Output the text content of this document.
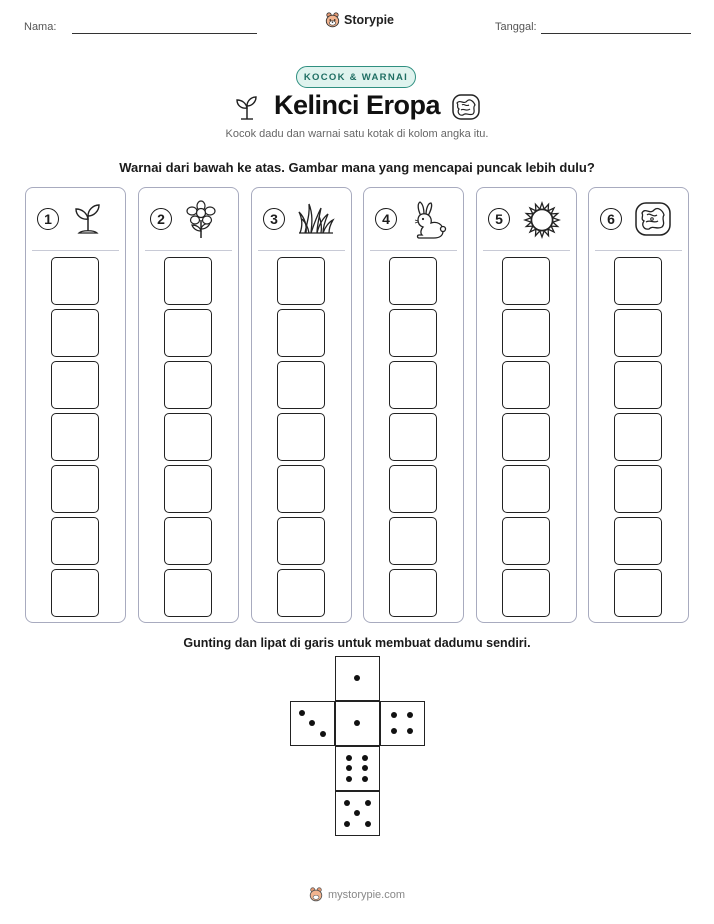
Nama:	Storypie	Tanggal:
KOCOK & WARNAI
Kelinci Eropa
Kocok dadu dan warnai satu kotak di kolom angka itu.
Warnai dari bawah ke atas. Gambar mana yang mencapai puncak lebih dulu?
1	2	3	4	5	6
Gunting dan lipat di garis untuk membuat dadumu sendiri.
mystorypie.com
